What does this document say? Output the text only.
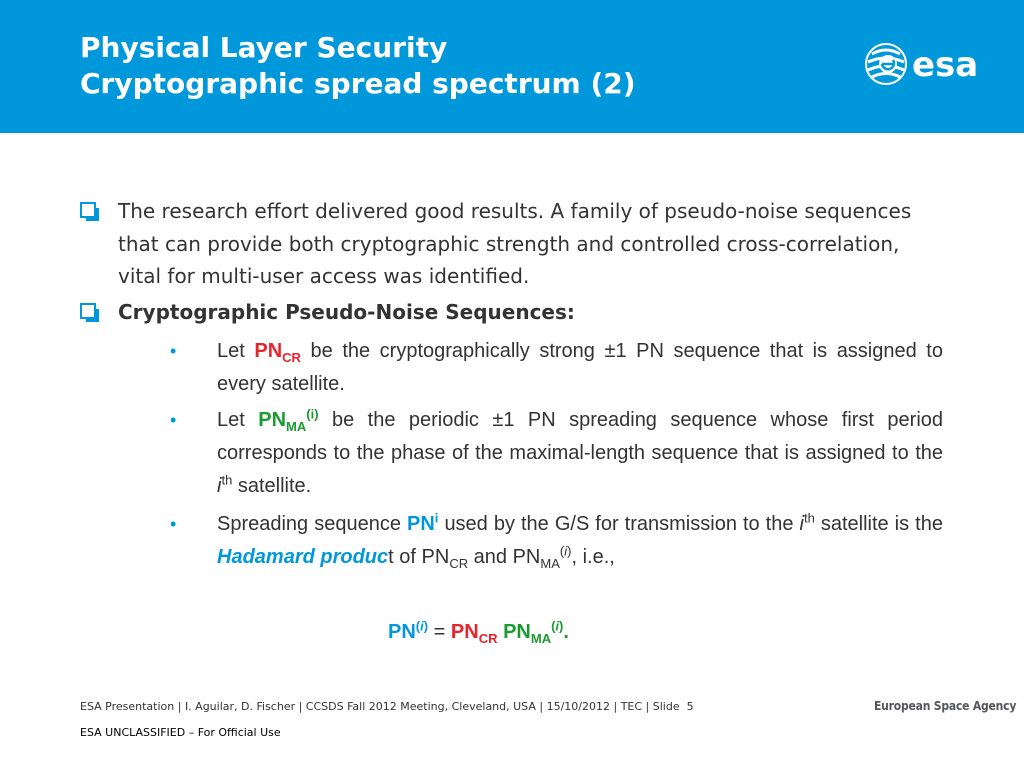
Physical Layer Security
Cryptographic spread spectrum (2)	esa
The research effort delivered good results. A family of pseudo-noise sequences that can provide both cryptographic strength and controlled cross-correlation, vital for multi-user access was identified.
Cryptographic Pseudo-Noise Sequences:
• Let $PN_{CR}$ be the cryptographically strong ±1 PN sequence that is assigned to every satellite.
• Let $PN_{MA}^{(i)}$ be the periodic ±1 PN spreading sequence whose first period corresponds to the phase of the maximal-length sequence that is assigned to the $i^{th}$ satellite.
• Spreading sequence $PN^i$ used by the G/S for transmission to the $i^{th}$ satellite is the Hadamard product of $PN_{CR}$ and $PN_{MA}^{(i)}$, i.e.,
$PN^{(i)} = PN_{CR}$ $PN_{MA}^{(i)}$.
ESA Presentation | I. Aguilar, D. Fischer | CCSDS Fall 2012 Meeting, Cleveland, USA | 15/10/2012 | TEC | Slide 5
ESA UNCLASSIFIED – For Official Use
European Space Agency
